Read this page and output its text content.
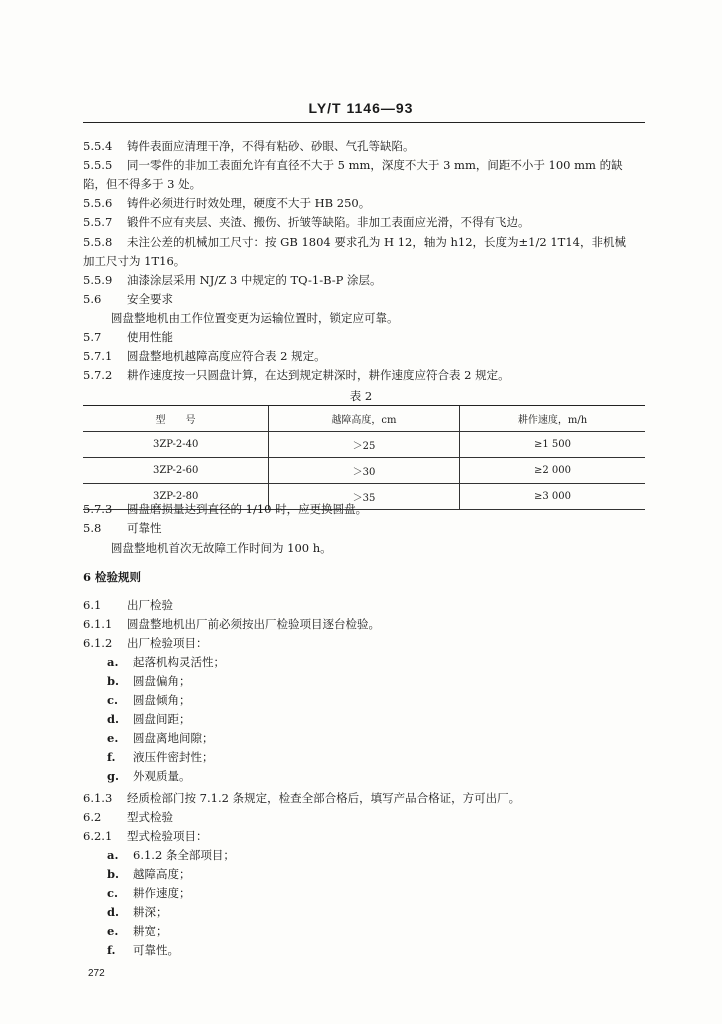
LY/T 1146—93
5.5.4 铸件表面应清理干净，不得有粘砂、砂眼、气孔等缺陷。
5.5.5 同一零件的非加工表面允许有直径不大于 5 mm，深度不大于 3 mm，间距不小于 100 mm 的缺
陷，但不得多于 3 处。
5.5.6 铸件必须进行时效处理，硬度不大于 HB 250。
5.5.7 锻件不应有夹层、夹渣、搬伤、折皱等缺陷。非加工表面应光滑，不得有飞边。
5.5.8 未注公差的机械加工尺寸：按 GB 1804 要求孔为 H 12，轴为 h12，长度为±1/2 1T14，非机械
加工尺寸为 1T16。
5.5.9 油漆涂层采用 NJ/Z 3 中规定的 TQ-1-B-P 涂层。
5.6 安全要求
圆盘整地机由工作位置变更为运输位置时，锁定应可靠。
5.7 使用性能
5.7.1 圆盘整地机越障高度应符合表 2 规定。
5.7.2 耕作速度按一只圆盘计算，在达到规定耕深时，耕作速度应符合表 2 规定。
表 2
型　　号	越障高度，cm	耕作速度，m/h
3ZP-2-40	＞25	≥1 500
3ZP-2-60	＞30	≥2 000
3ZP-2-80	＞35	≥3 000
5.7.3 圆盘磨损量达到直径的 1/10 时，应更换圆盘。
5.8 可靠性
圆盘整地机首次无故障工作时间为 100 h。
6 检验规则
6.1 出厂检验
6.1.1 圆盘整地机出厂前必须按出厂检验项目逐台检验。
6.1.2 出厂检验项目：
a. 起落机构灵活性；
b. 圆盘偏角；
c. 圆盘倾角；
d. 圆盘间距；
e. 圆盘离地间隙；
f. 液压件密封性；
g. 外观质量。
6.1.3 经质检部门按 7.1.2 条规定，检查全部合格后，填写产品合格证，方可出厂。
6.2 型式检验
6.2.1 型式检验项目：
a. 6.1.2 条全部项目；
b. 越障高度；
c. 耕作速度；
d. 耕深；
e. 耕宽；
f. 可靠性。
272
